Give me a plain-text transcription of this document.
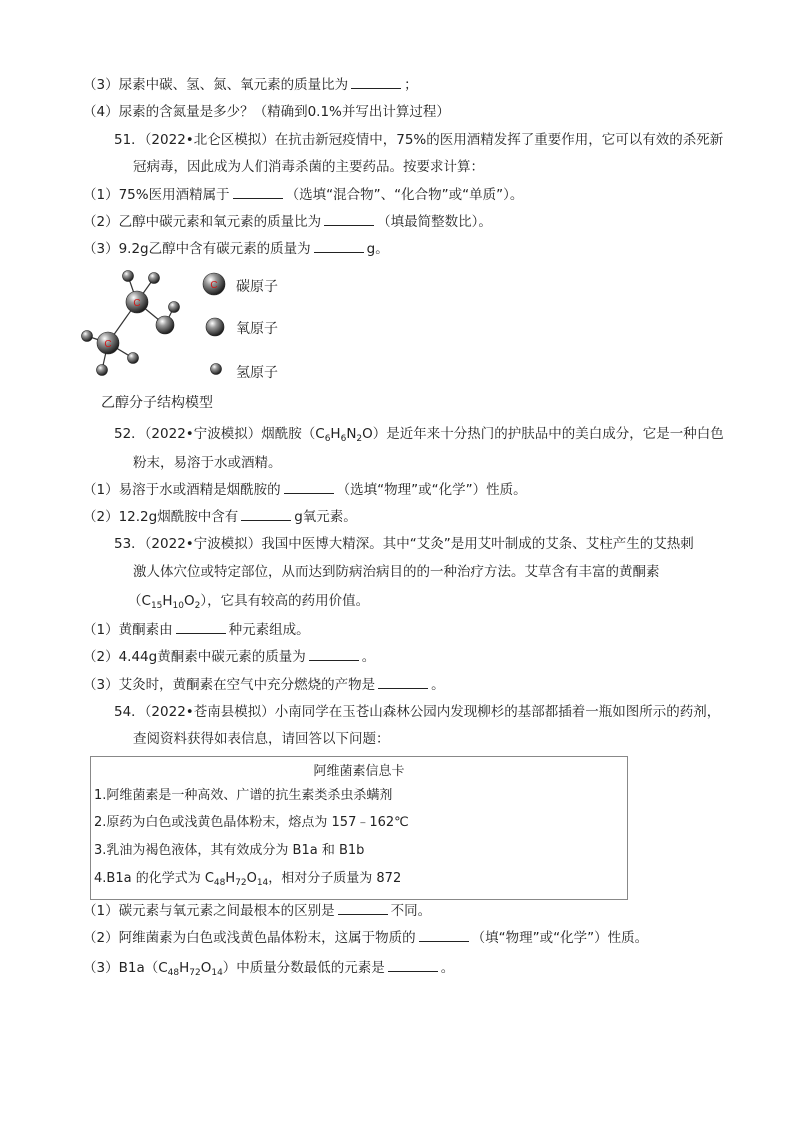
（3）尿素中碳、氢、氮、氧元素的质量比为	；
（4）尿素的含氮量是多少？（精确到0.1%并写出计算过程）
51．（2022•北仑区模拟）在抗击新冠疫情中，75%的医用酒精发挥了重要作用，它可以有效的杀死新
冠病毒，因此成为人们消毒杀菌的主要药品。按要求计算：
（1）75%医用酒精属于	（选填“混合物”、“化合物”或“单质”）。
（2）乙醇中碳元素和氧元素的质量比为	（填最简整数比）。
（3）9.2g乙醇中含有碳元素的质量为	g。
C
C
C 碳原子
氧原子
氢原子
乙醇分子结构模型
52．（2022•宁波模拟）烟酰胺$(C_6H_6N_2O)$是近年来十分热门的护肤品中的美白成分，它是一种白色
粉末，易溶于水或酒精。
（1）易溶于水或酒精是烟酰胺的	（选填“物理”或“化学”）性质。
（2）12.2g烟酰胺中含有	g氧元素。
53．（2022•宁波模拟）我国中医博大精深。其中“艾灸”是用艾叶制成的艾条、艾柱产生的艾热刺
激人体穴位或特定部位，从而达到防病治病目的的一种治疗方法。艾草含有丰富的黄酮素
$(C_{15}H_{10}O_2)$，它具有较高的药用价值。
（1）黄酮素由	种元素组成。
（2）4.44g黄酮素中碳元素的质量为	。
（3）艾灸时，黄酮素在空气中充分燃烧的产物是	。
54．（2022•苍南县模拟）小南同学在玉苍山森林公园内发现柳杉的基部都插着一瓶如图所示的药剂，
查阅资料获得如表信息，请回答以下问题：
阿维菌素信息卡
1.阿维菌素是一种高效、广谱的抗生素类杀虫杀螨剂
2.原药为白色或浅黄色晶体粉末，熔点为 157﹣162℃
3.乳油为褐色液体，其有效成分为 B1a 和 B1b
4.B1a 的化学式为 $C_{48}H_{72}O_{14}$，相对分子质量为 872
（1）碳元素与氧元素之间最根本的区别是	不同。
（2）阿维菌素为白色或浅黄色晶体粉末，这属于物质的	（填“物理”或“化学”）性质。
$(3)B1a(C_{48}H_{72}O_{14})$中质量分数最低的元素是	。
